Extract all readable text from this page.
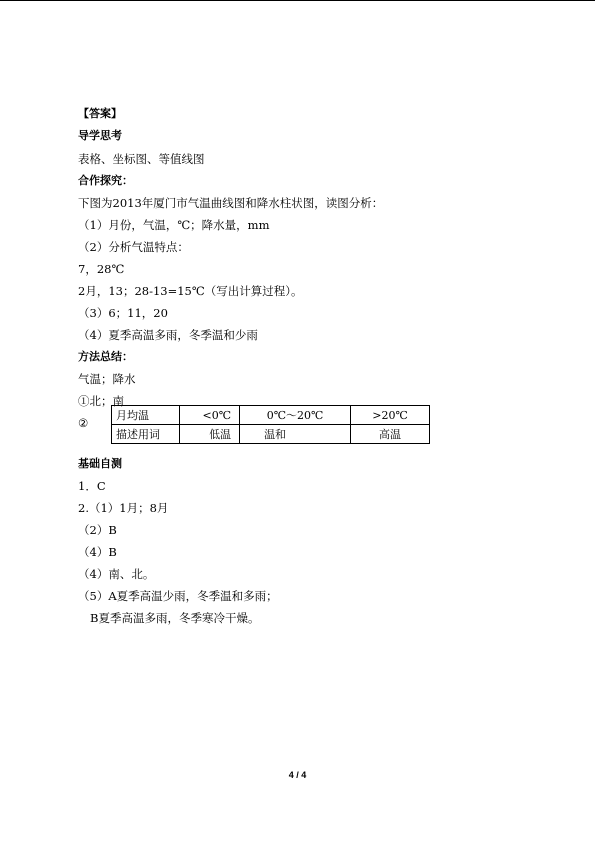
【答案】
导学思考
表格、坐标图、等值线图
合作探究：
下图为2013年厦门市气温曲线图和降水柱状图，读图分析：
（1）月份，气温，℃；降水量，mm
（2）分析气温特点：
7，28℃
2月，13；28-13=15℃（写出计算过程）。
（3）6；11，20
（4）夏季高温多雨，冬季温和少雨
方法总结：
气温；降水
①北；南
②
月均温	<0℃	0℃～20℃	>20℃
描述用词	低温	温和	高温
基础自测
1．C
2.（1）1月；8月
（2）B
（4）B
（4）南、北。
（5）A夏季高温少雨，冬季温和多雨；
B夏季高温多雨，冬季寒冷干燥。
4 / 4
